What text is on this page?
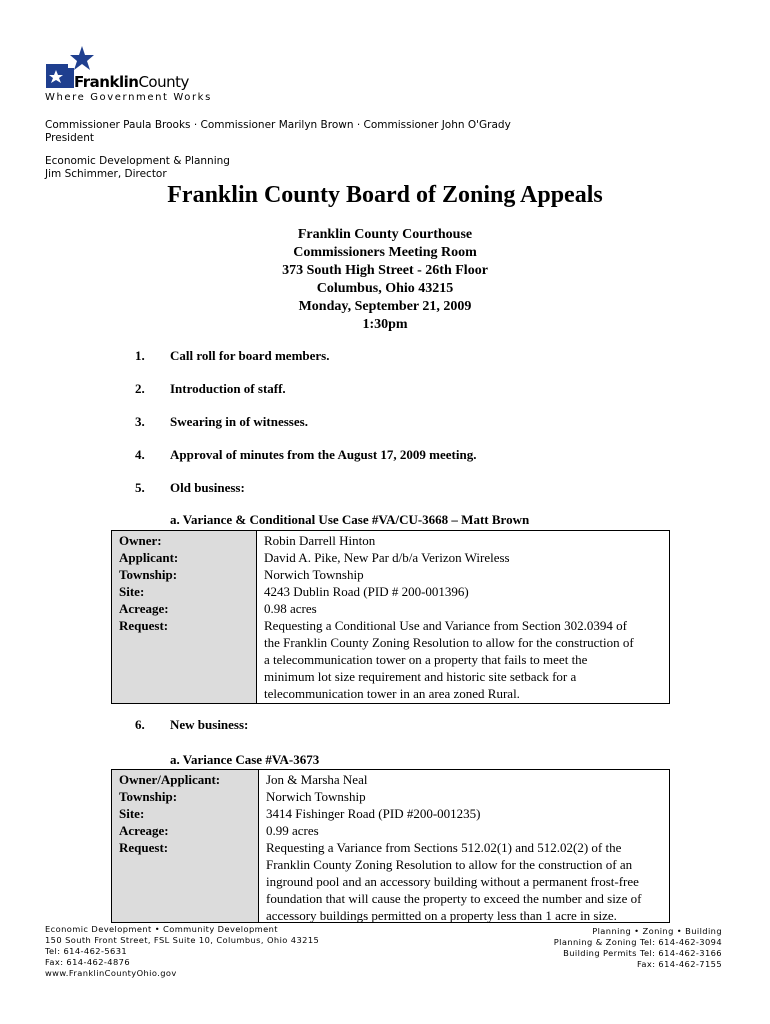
FranklinCounty
Where Government Works
Commissioner Paula Brooks · Commissioner Marilyn Brown · Commissioner John O'Grady
President
Economic Development & Planning
Jim Schimmer, Director
Franklin County Board of Zoning Appeals
Franklin County Courthouse
Commissioners Meeting Room
373 South High Street - 26th Floor
Columbus, Ohio 43215
Monday, September 21, 2009
1:30pm
1. Call roll for board members.
2. Introduction of staff.
3. Swearing in of witnesses.
4. Approval of minutes from the August 17, 2009 meeting.
5. Old business:
a. Variance & Conditional Use Case #VA/CU-3668 – Matt Brown
Owner:
Applicant:
Township:
Site:
Acreage:
Request:
Robin Darrell Hinton
David A. Pike, New Par d/b/a Verizon Wireless
Norwich Township
4243 Dublin Road (PID # 200-001396)
0.98 acres
Requesting a Conditional Use and Variance from Section 302.0394 of
the Franklin County Zoning Resolution to allow for the construction of
a telecommunication tower on a property that fails to meet the
minimum lot size requirement and historic site setback for a
telecommunication tower in an area zoned Rural.
6. New business:
a. Variance Case #VA-3673
Owner/Applicant:
Township:
Site:
Acreage:
Request:
Jon & Marsha Neal
Norwich Township
3414 Fishinger Road (PID #200-001235)
0.99 acres
Requesting a Variance from Sections 512.02(1) and 512.02(2) of the
Franklin County Zoning Resolution to allow for the construction of an
inground pool and an accessory building without a permanent frost-free
foundation that will cause the property to exceed the number and size of
accessory buildings permitted on a property less than 1 acre in size.
Economic Development • Community Development
150 South Front Street, FSL Suite 10, Columbus, Ohio 43215
Tel: 614-462-5631
Fax: 614-462-4876
www.FranklinCountyOhio.gov
Planning • Zoning • Building
Planning & Zoning Tel: 614-462-3094
Building Permits Tel: 614-462-3166
Fax: 614-462-7155
